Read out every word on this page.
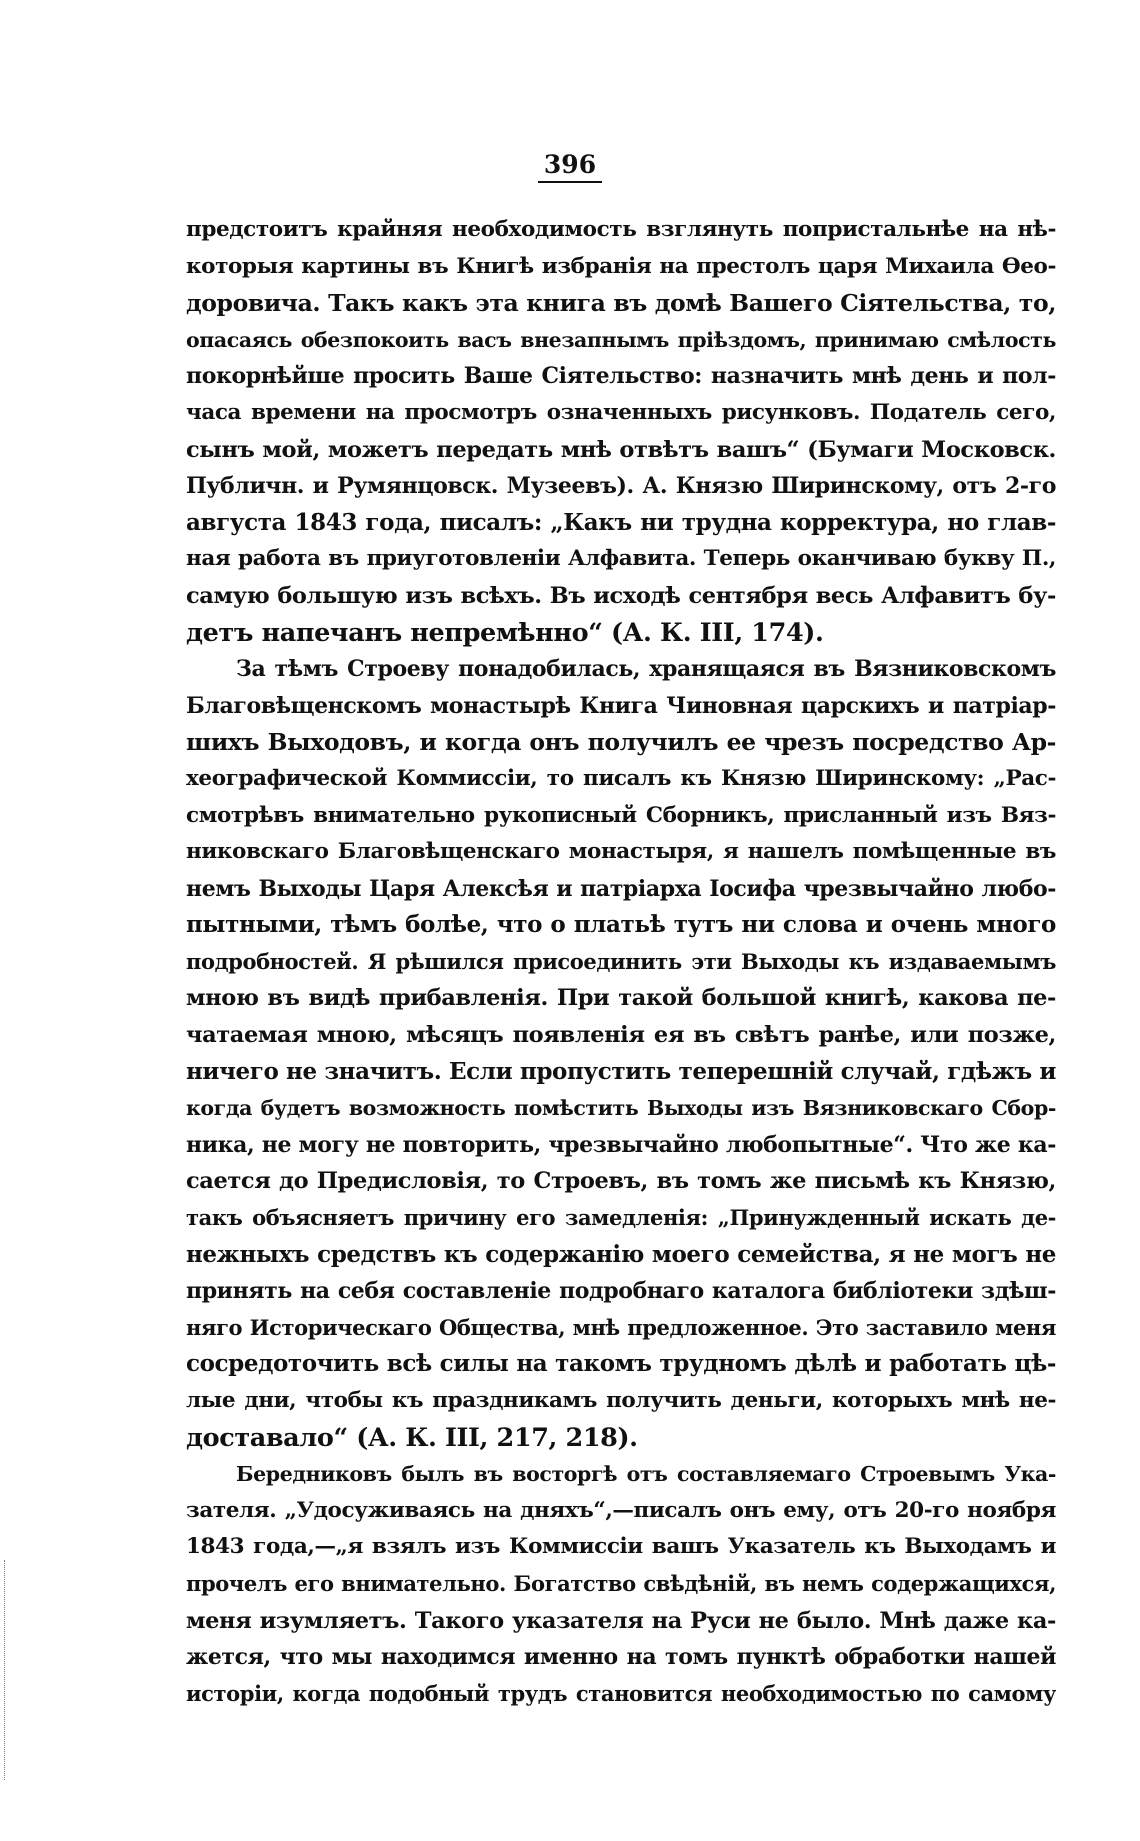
396
предстоитъ крайняя необходимость взглянуть попристальнѣе на нѣ-
которыя картины въ Книгѣ избранія на престолъ царя Михаила Ѳео-
доровича. Такъ какъ эта книга въ домѣ Вашего Сіятельства, то,
опасаясь обезпокоить васъ внезапнымъ пріѣздомъ, принимаю смѣлость
покорнѣйше просить Ваше Сіятельство: назначить мнѣ день и пол-
часа времени на просмотръ означенныхъ рисунковъ. Податель сего,
сынъ мой, можетъ передать мнѣ отвѣтъ вашъ“ (Бумаги Московск.
Публичн. и Румянцовск. Музеевъ). А. Князю Ширинскому, отъ 2-го
августа 1843 года, писалъ: „Какъ ни трудна корректура, но глав-
ная работа въ приуготовленіи Алфавита. Теперь оканчиваю букву П.,
самую большую изъ всѣхъ. Въ исходѣ сентября весь Алфавитъ бу-
детъ напечанъ непремѣнно“ (А. К. III, 174).
За тѣмъ Строеву понадобилась, хранящаяся въ Вязниковскомъ
Благовѣщенскомъ монастырѣ Книга Чиновная царскихъ и патріар-
шихъ Выходовъ, и когда онъ получилъ ее чрезъ посредство Ар-
хеографической Коммиссіи, то писалъ къ Князю Ширинскому: „Рас-
смотрѣвъ внимательно рукописный Сборникъ, присланный изъ Вяз-
никовскаго Благовѣщенскаго монастыря, я нашелъ помѣщенные въ
немъ Выходы Царя Алексѣя и патріарха Іосифа чрезвычайно любо-
пытными, тѣмъ болѣе, что о платьѣ тутъ ни слова и очень много
подробностей. Я рѣшился присоединить эти Выходы къ издаваемымъ
мною въ видѣ прибавленія. При такой большой книгѣ, какова пе-
чатаемая мною, мѣсяцъ появленія ея въ свѣтъ ранѣе, или позже,
ничего не значитъ. Если пропустить теперешній случай, гдѣжъ и
когда будетъ возможность помѣстить Выходы изъ Вязниковскаго Сбор-
ника, не могу не повторить, чрезвычайно любопытные“. Что же ка-
сается до Предисловія, то Строевъ, въ томъ же письмѣ къ Князю,
такъ объясняетъ причину его замедленія: „Принужденный искать де-
нежныхъ средствъ къ содержанію моего семейства, я не могъ не
принять на себя составленіе подробнаго каталога библіотеки здѣш-
няго Историческаго Общества, мнѣ предложенное. Это заставило меня
сосредоточить всѣ силы на такомъ трудномъ дѣлѣ и работать цѣ-
лые дни, чтобы къ праздникамъ получить деньги, которыхъ мнѣ не-
доставало“ (А. К. III, 217, 218).
Бередниковъ былъ въ восторгѣ отъ составляемаго Строевымъ Ука-
зателя. „Удосуживаясь на дняхъ“,—писалъ онъ ему, отъ 20-го ноября
1843 года,—„я взялъ изъ Коммиссіи вашъ Указатель къ Выходамъ и
прочелъ его внимательно. Богатство свѣдѣній, въ немъ содержащихся,
меня изумляетъ. Такого указателя на Руси не было. Мнѣ даже ка-
жется, что мы находимся именно на томъ пунктѣ обработки нашей
исторіи, когда подобный трудъ становится необходимостью по самому
